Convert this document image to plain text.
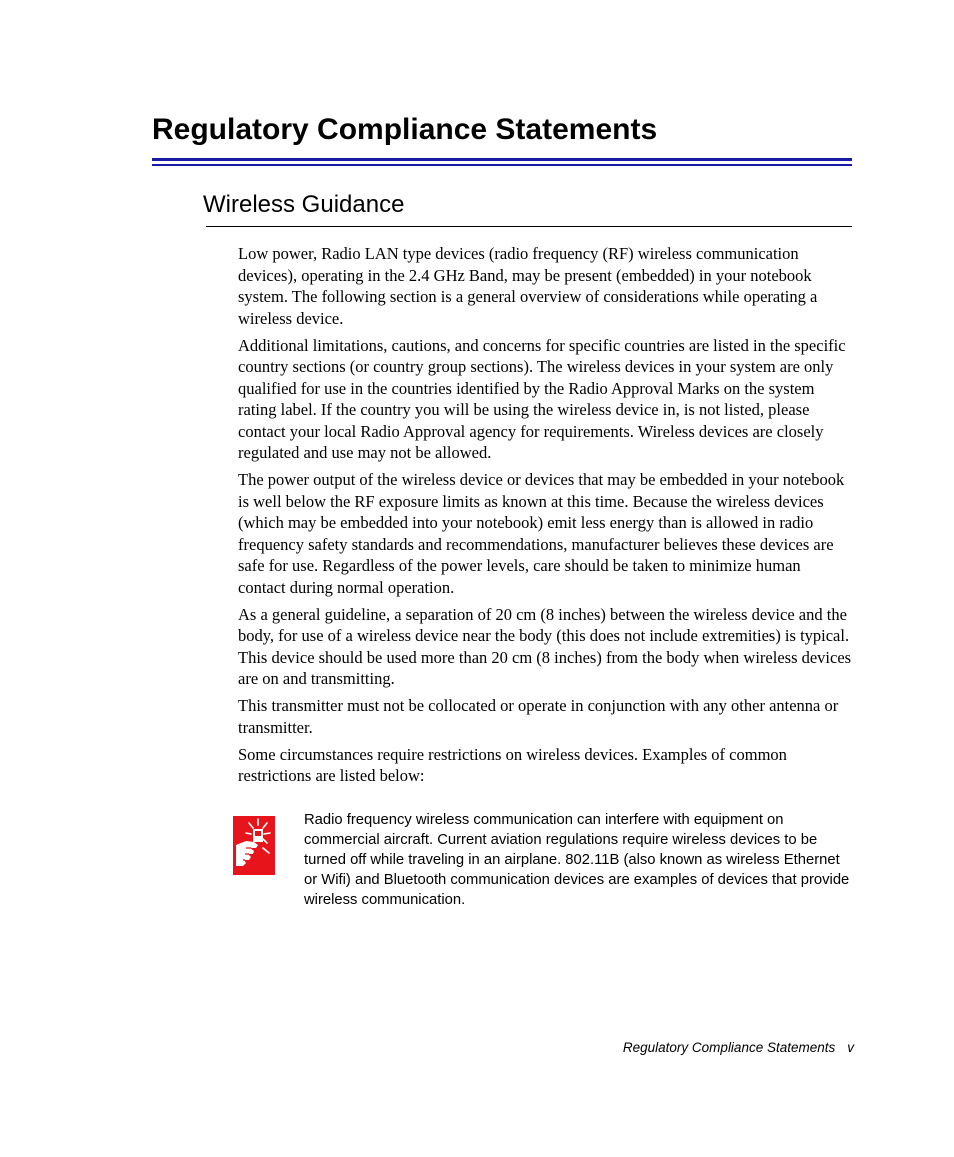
Regulatory Compliance Statements
Wireless Guidance

Low power, Radio LAN type devices (radio frequency (RF) wireless communication devices), operating in the 2.4 GHz Band, may be present (embedded) in your notebook system. The following section is a general overview of considerations while operating a wireless device.

Additional limitations, cautions, and concerns for specific countries are listed in the specific country sections (or country group sections). The wireless devices in your system are only qualified for use in the countries identified by the Radio Approval Marks on the system rating label. If the country you will be using the wireless device in, is not listed, please contact your local Radio Approval agency for requirements. Wireless devices are closely regulated and use may not be allowed.

The power output of the wireless device or devices that may be embedded in your notebook is well below the RF exposure limits as known at this time. Because the wireless devices (which may be embedded into your notebook) emit less energy than is allowed in radio frequency safety standards and recommendations, manufacturer believes these devices are safe for use. Regardless of the power levels, care should be taken to minimize human contact during normal operation.

As a general guideline, a separation of 20 cm (8 inches) between the wireless device and the body, for use of a wireless device near the body (this does not include extremities) is typical. This device should be used more than 20 cm (8 inches) from the body when wireless devices are on and transmitting.

This transmitter must not be collocated or operate in conjunction with any other antenna or transmitter.

Some circumstances require restrictions on wireless devices. Examples of common restrictions are listed below:

Radio frequency wireless communication can interfere with equipment on commercial aircraft. Current aviation regulations require wireless devices to be turned off while traveling in an airplane. 802.11B (also known as wireless Ethernet or Wifi) and Bluetooth communication devices are examples of devices that provide wireless communication.

Regulatory Compliance Statements v
